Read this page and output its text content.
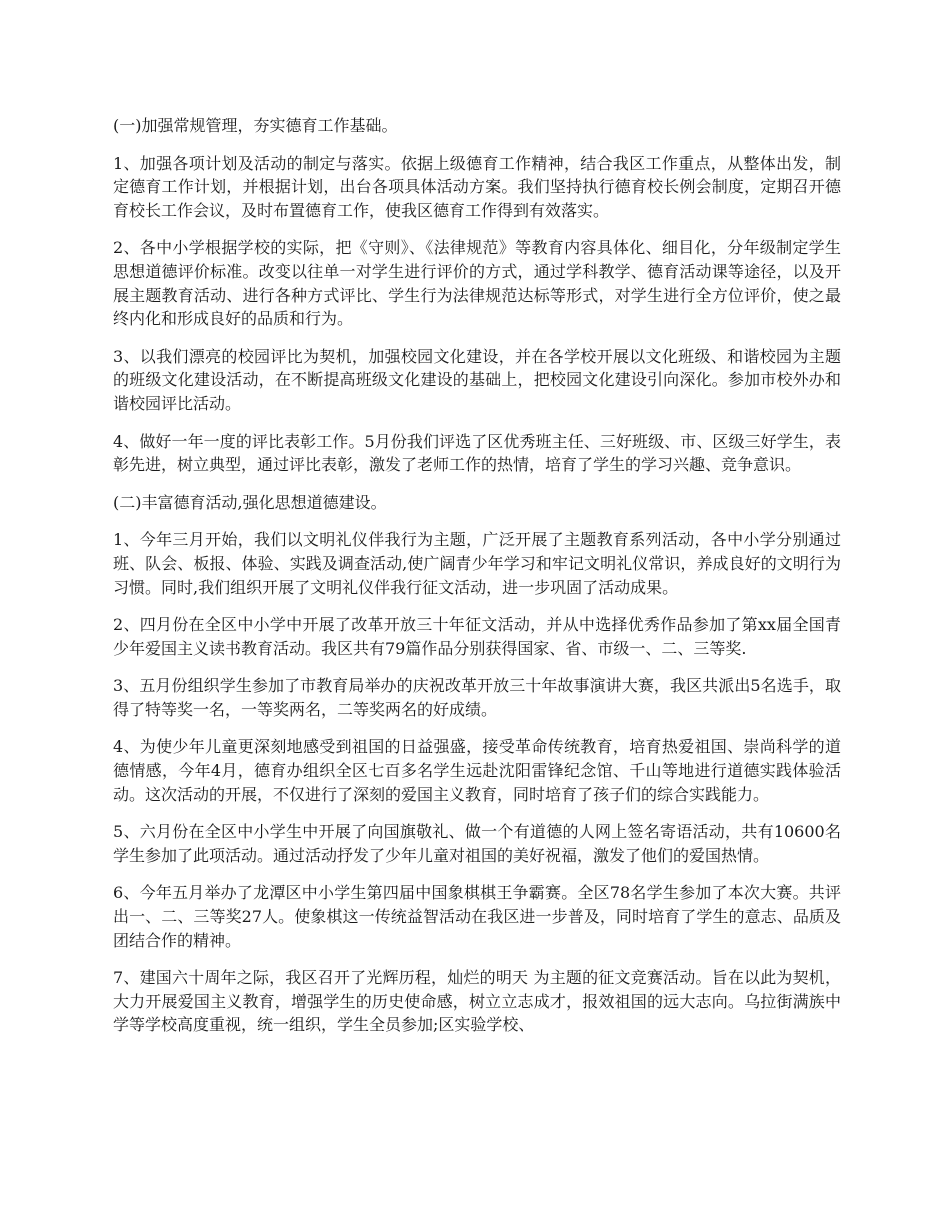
(一)加强常规管理，夯实德育工作基础。

1、加强各项计划及活动的制定与落实。依据上级德育工作精神，结合我区工作重点，从整体出发，制定德育工作计划，并根据计划，出台各项具体活动方案。我们坚持执行德育校长例会制度，定期召开德育校长工作会议，及时布置德育工作，使我区德育工作得到有效落实。

2、各中小学根据学校的实际，把《守则》、《法律规范》等教育内容具体化、细目化，分年级制定学生思想道德评价标准。改变以往单一对学生进行评价的方式，通过学科教学、德育活动课等途径，以及开展主题教育活动、进行各种方式评比、学生行为法律规范达标等形式，对学生进行全方位评价，使之最终内化和形成良好的品质和行为。

3、以我们漂亮的校园评比为契机，加强校园文化建设，并在各学校开展以文化班级、和谐校园为主题的班级文化建设活动，在不断提高班级文化建设的基础上，把校园文化建设引向深化。参加市校外办和谐校园评比活动。

4、做好一年一度的评比表彰工作。5月份我们评选了区优秀班主任、三好班级、市、区级三好学生，表彰先进，树立典型，通过评比表彰，激发了老师工作的热情，培育了学生的学习兴趣、竞争意识。

(二)丰富德育活动,强化思想道德建设。

1、今年三月开始，我们以文明礼仪伴我行为主题，广泛开展了主题教育系列活动，各中小学分别通过班、队会、板报、体验、实践及调查活动,使广阔青少年学习和牢记文明礼仪常识，养成良好的文明行为习惯。同时,我们组织开展了文明礼仪伴我行征文活动，进一步巩固了活动成果。

2、四月份在全区中小学中开展了改革开放三十年征文活动，并从中选择优秀作品参加了第xx届全国青少年爱国主义读书教育活动。我区共有79篇作品分别获得国家、省、市级一、二、三等奖.

3、五月份组织学生参加了市教育局举办的庆祝改革开放三十年故事演讲大赛，我区共派出5名选手，取得了特等奖一名，一等奖两名，二等奖两名的好成绩。

4、为使少年儿童更深刻地感受到祖国的日益强盛，接受革命传统教育，培育热爱祖国、崇尚科学的道德情感，今年4月，德育办组织全区七百多名学生远赴沈阳雷锋纪念馆、千山等地进行道德实践体验活动。这次活动的开展，不仅进行了深刻的爱国主义教育，同时培育了孩子们的综合实践能力。

5、六月份在全区中小学生中开展了向国旗敬礼、做一个有道德的人网上签名寄语活动，共有10600名学生参加了此项活动。通过活动抒发了少年儿童对祖国的美好祝福，激发了他们的爱国热情。

6、今年五月举办了龙潭区中小学生第四届中国象棋棋王争霸赛。全区78名学生参加了本次大赛。共评出一、二、三等奖27人。使象棋这一传统益智活动在我区进一步普及，同时培育了学生的意志、品质及团结合作的精神。

7、建国六十周年之际，我区召开了光辉历程，灿烂的明天 为主题的征文竞赛活动。旨在以此为契机，大力开展爱国主义教育，增强学生的历史使命感，树立立志成才，报效祖国的远大志向。乌拉街满族中学等学校高度重视，统一组织，学生全员参加;区实验学校、
